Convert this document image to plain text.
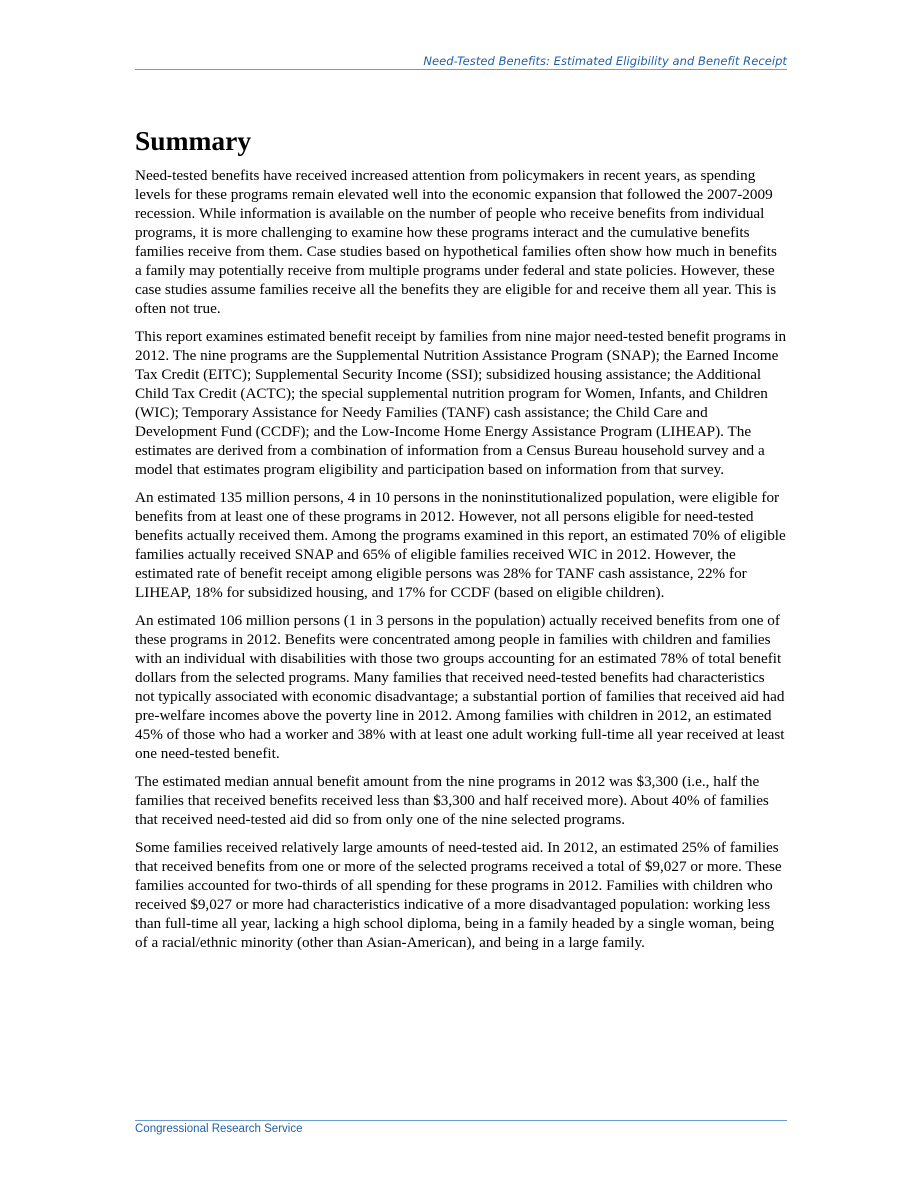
Need-Tested Benefits: Estimated Eligibility and Benefit Receipt
Summary

Need-tested benefits have received increased attention from policymakers in recent years, as spending levels for these programs remain elevated well into the economic expansion that followed the 2007-2009 recession. While information is available on the number of people who receive benefits from individual programs, it is more challenging to examine how these programs interact and the cumulative benefits families receive from them. Case studies based on hypothetical families often show how much in benefits a family may potentially receive from multiple programs under federal and state policies. However, these case studies assume families receive all the benefits they are eligible for and receive them all year. This is often not true.

This report examines estimated benefit receipt by families from nine major need-tested benefit programs in 2012. The nine programs are the Supplemental Nutrition Assistance Program (SNAP); the Earned Income Tax Credit (EITC); Supplemental Security Income (SSI); subsidized housing assistance; the Additional Child Tax Credit (ACTC); the special supplemental nutrition program for Women, Infants, and Children (WIC); Temporary Assistance for Needy Families (TANF) cash assistance; the Child Care and Development Fund (CCDF); and the Low-Income Home Energy Assistance Program (LIHEAP). The estimates are derived from a combination of information from a Census Bureau household survey and a model that estimates program eligibility and participation based on information from that survey.

An estimated 135 million persons, 4 in 10 persons in the noninstitutionalized population, were eligible for benefits from at least one of these programs in 2012. However, not all persons eligible for need-tested benefits actually received them. Among the programs examined in this report, an estimated 70% of eligible families actually received SNAP and 65% of eligible families received WIC in 2012. However, the estimated rate of benefit receipt among eligible persons was 28% for TANF cash assistance, 22% for LIHEAP, 18% for subsidized housing, and 17% for CCDF (based on eligible children).

An estimated 106 million persons (1 in 3 persons in the population) actually received benefits from one of these programs in 2012. Benefits were concentrated among people in families with children and families with an individual with disabilities with those two groups accounting for an estimated 78% of total benefit dollars from the selected programs. Many families that received need-tested benefits had characteristics not typically associated with economic disadvantage; a substantial portion of families that received aid had pre-welfare incomes above the poverty line in 2012. Among families with children in 2012, an estimated 45% of those who had a worker and 38% with at least one adult working full-time all year received at least one need-tested benefit.

The estimated median annual benefit amount from the nine programs in 2012 was $3,300 (i.e., half the families that received benefits received less than $3,300 and half received more). About 40% of families that received need-tested aid did so from only one of the nine selected programs.

Some families received relatively large amounts of need-tested aid. In 2012, an estimated 25% of families that received benefits from one or more of the selected programs received a total of $9,027 or more. These families accounted for two-thirds of all spending for these programs in 2012. Families with children who received $9,027 or more had characteristics indicative of a more disadvantaged population: working less than full-time all year, lacking a high school diploma, being in a family headed by a single woman, being of a racial/ethnic minority (other than Asian-American), and being in a large family.

Congressional Research Service
